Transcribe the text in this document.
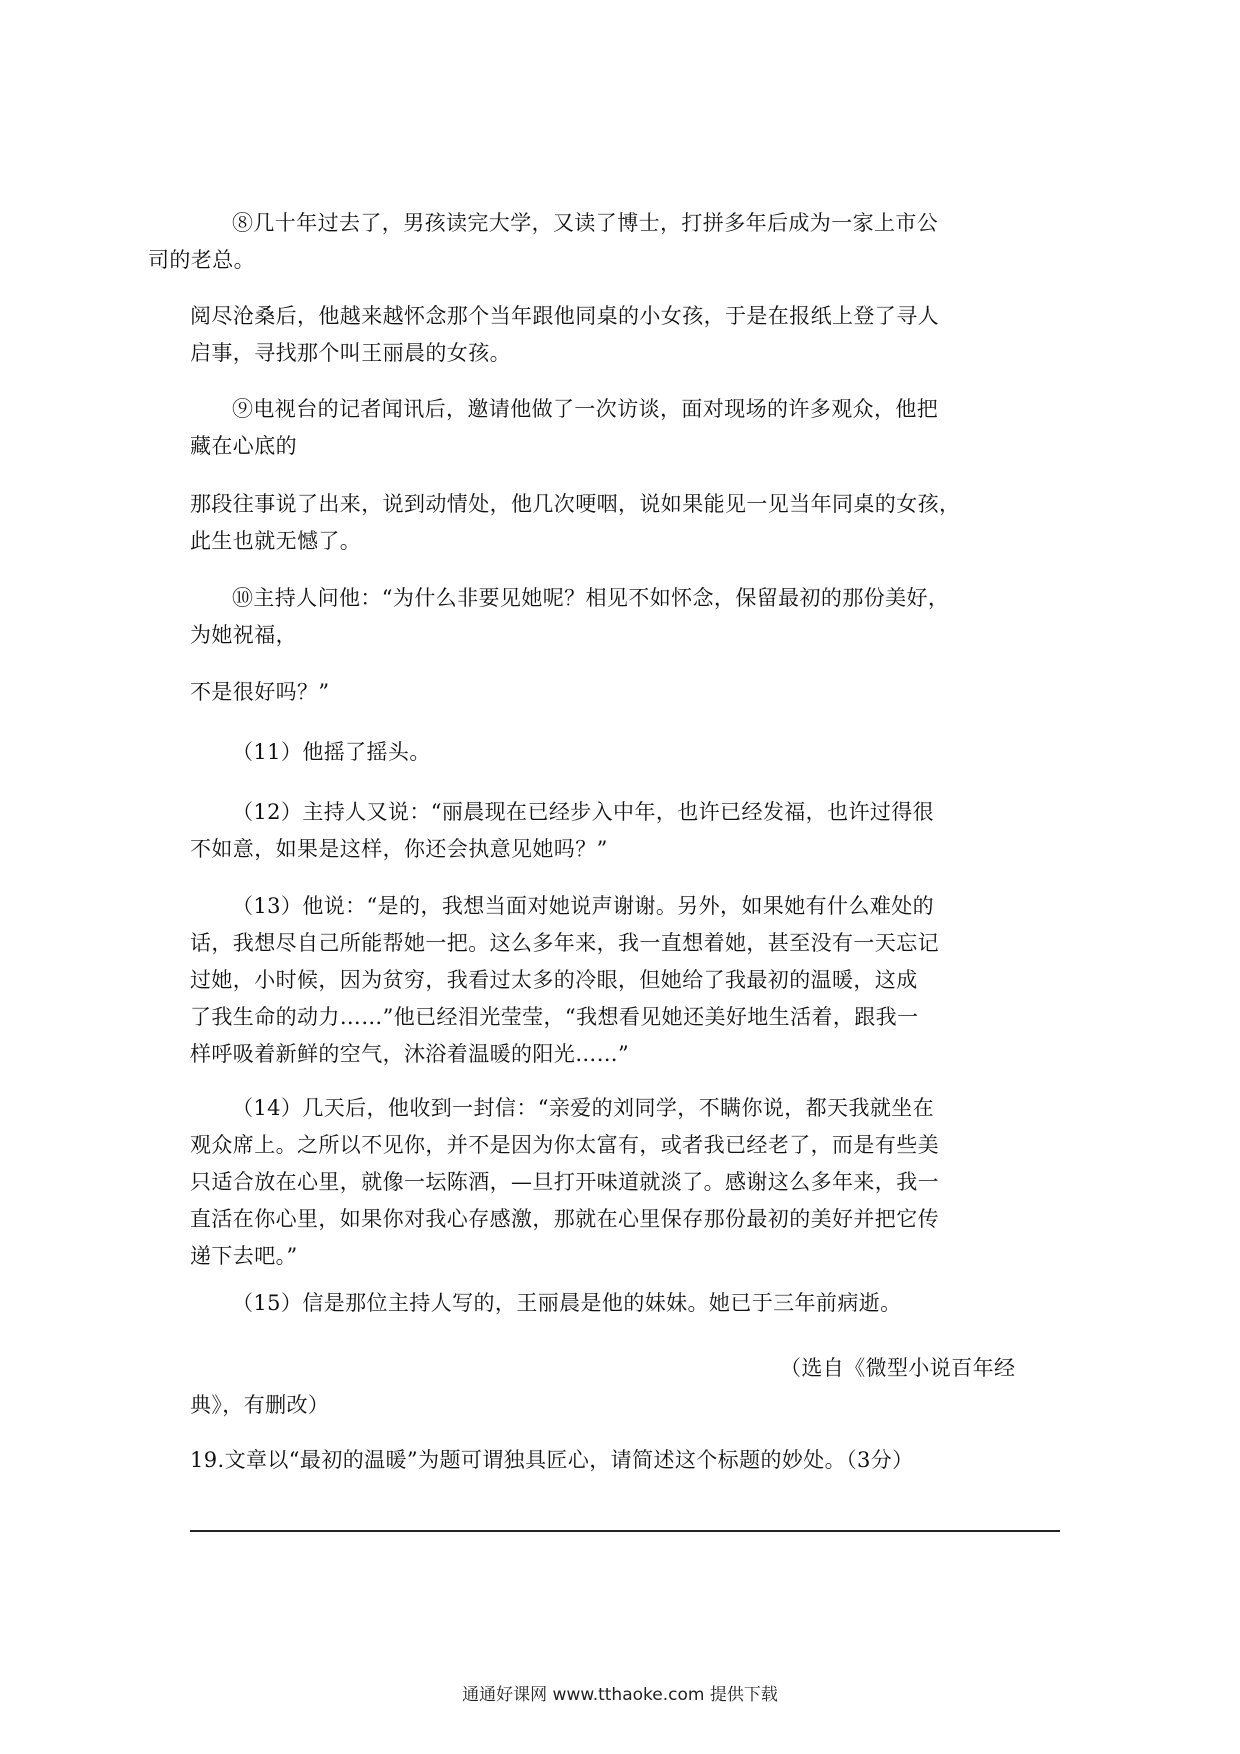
⑧几十年过去了，男孩读完大学，又读了博士，打拼多年后成为一家上市公
司的老总。

阅尽沧桑后，他越来越怀念那个当年跟他同桌的小女孩，于是在报纸上登了寻人
启事，寻找那个叫王丽晨的女孩。

⑨电视台的记者闻讯后，邀请他做了一次访谈，面对现场的许多观众，他把
藏在心底的

那段往事说了出来，说到动情处，他几次哽咽，说如果能见一见当年同桌的女孩，
此生也就无憾了。

⑩主持人问他：“为什么非要见她呢？相见不如怀念，保留最初的那份美好，
为她祝福，

不是很好吗？”

（11）他摇了摇头。

（12）主持人又说：“丽晨现在已经步入中年，也许已经发福，也许过得很
不如意，如果是这样，你还会执意见她吗？”

（13）他说：“是的，我想当面对她说声谢谢。另外，如果她有什么难处的
话，我想尽自己所能帮她一把。这么多年来，我一直想着她，甚至没有一天忘记
过她，小时候，因为贫穷，我看过太多的冷眼，但她给了我最初的温暖，这成
了我生命的动力……”他已经泪光莹莹，“我想看见她还美好地生活着，跟我一
样呼吸着新鲜的空气，沐浴着温暖的阳光……”

（14）几天后，他收到一封信：“亲爱的刘同学，不瞒你说，都天我就坐在
观众席上。之所以不见你，并不是因为你太富有，或者我已经老了，而是有些美
只适合放在心里，就像一坛陈酒，—旦打开味道就淡了。感谢这么多年来，我一
直活在你心里，如果你对我心存感激，那就在心里保存那份最初的美好并把它传
递下去吧。”

（15）信是那位主持人写的，王丽晨是他的妹妹。她已于三年前病逝。

（选自《微型小说百年经
典》，有删改）

19.文章以“最初的温暖”为题可谓独具匠心，请简述这个标题的妙处。（3分）

通通好课网 www.tthaoke.com 提供下载
